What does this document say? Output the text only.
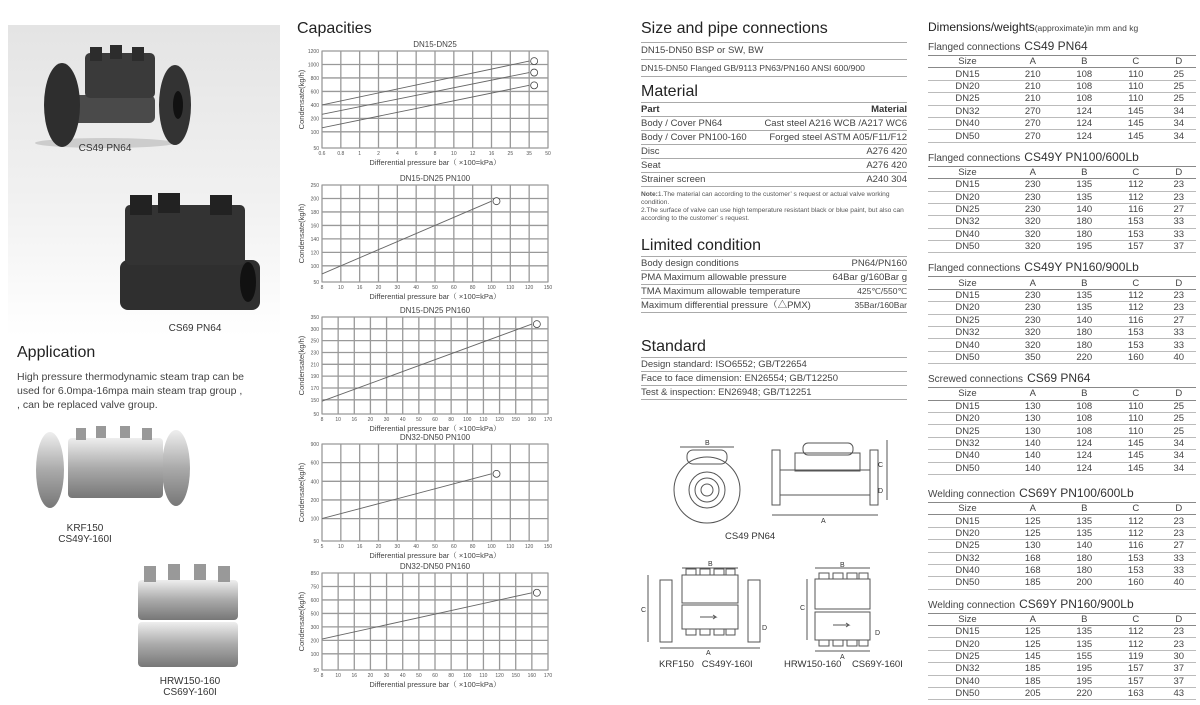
CS49 PN64
CS69 PN64
Application
High pressure thermodynamic steam trap can be
used for 6.0mpa-16mpa main steam trap group ,
, can be replaced valve group.
KRF150
CS49Y-160I
HRW150-160
CS69Y-160I
Capacities
DN15-DN25
0.6 0.8	1	2	4	6	8	10	12	16	25	35	50
1200
1000
800
600
400
200
100
50
Differential pressure bar（ ×100=kPa）
Condensate(kg/h)
DN15-DN25 PN100
8	10	16	20	30	40	50	60	80 100 110 120 150
250
200
180
160
140
120
100
50
Differential pressure bar（ ×100=kPa）
Condensate(kg/h)
DN15-DN25 PN160
8 10 16 20 30 40 50 60 80 100 110 120 150 160 170
350
300
250
230
210
190
170
150
50
Differential pressure bar（ ×100=kPa）
Condensate(kg/h)
DN32-DN50 PN100
5	10	16	20	30	40	50	60	80 100 110 120 150
900
600
400
200
100
50
Differential pressure bar（ ×100=kPa）
Condensate(kg/h)
DN32-DN50 PN160
8 10 16 20 30 40 50 60 80 100 110 120 150 160 170
850
750
600
500
300
200
100
50
Differential pressure bar（ ×100=kPa）
Condensate(kg/h)
Size and pipe connections
DN15-DN50 BSP or SW, BW
DN15-DN50 Flanged GB/9113 PN63/PN160 ANSI 600/900
Material
Part	Material
Body / Cover PN64	Cast steel A216 WCB /A217 WC6
Body / Cover PN100-160 Forged steel ASTM A05/F11/F12
Disc	A276 420
Seat	A276 420
Strainer screen	A240 304
Note:1.The material can according to the customer’ s request or actual valve working condition.
2.The surface of valve can use high temperature resistant black or blue paint, but also can according to the customer’ s request.
Limited condition
Body design conditions	PN64/PN160
PMA Maximum allowable pressure	64Bar g/160Bar g
TMA Maximum allowable temperature	425℃/550℃
Maximum differential pressure（△PMX)	35Bar/160Bar
Standard
Design standard: ISO6552; GB/T22654
Face to face dimension: EN26554; GB/T12250
Test & inspection: EN26948; GB/T12251
B
A
C
D
CS49 PN64
B
A
C
D
KRF150   CS49Y-160I
B
A
C
D
HRW150-160    CS69Y-160I
Dimensions/weights(approximate)in mm and kg
Flanged connections CS49 PN64
Size	A	B	C	D
DN15	210	108	110	25
DN20	210	108	110	25
DN25	210	108	110	25
DN32	270	124	145	34
DN40	270	124	145	34
DN50	270	124	145	34
Flanged connections CS49Y PN100/600Lb
Size	A	B	C	D
DN15	230	135	112	23
DN20	230	135	112	23
DN25	230	140	116	27
DN32	320	180	153	33
DN40	320	180	153	33
DN50	320	195	157	37
Flanged connections CS49Y PN160/900Lb
Size	A	B	C	D
DN15	230	135	112	23
DN20	230	135	112	23
DN25	230	140	116	27
DN32	320	180	153	33
DN40	320	180	153	33
DN50	350	220	160	40
Screwed connections CS69 PN64
Size	A	B	C	D
DN15	130	108	110	25
DN20	130	108	110	25
DN25	130	108	110	25
DN32	140	124	145	34
DN40	140	124	145	34
DN50	140	124	145	34
Welding connection CS69Y PN100/600Lb
Size	A	B	C	D
DN15	125	135	112	23
DN20	125	135	112	23
DN25	130	140	116	27
DN32	168	180	153	33
DN40	168	180	153	33
DN50	185	200	160	40
Welding connection CS69Y PN160/900Lb
Size	A	B	C	D
DN15	125	135	112	23
DN20	125	135	112	23
DN25	145	155	119	30
DN32	185	195	157	37
DN40	185	195	157	37
DN50	205	220	163	43
